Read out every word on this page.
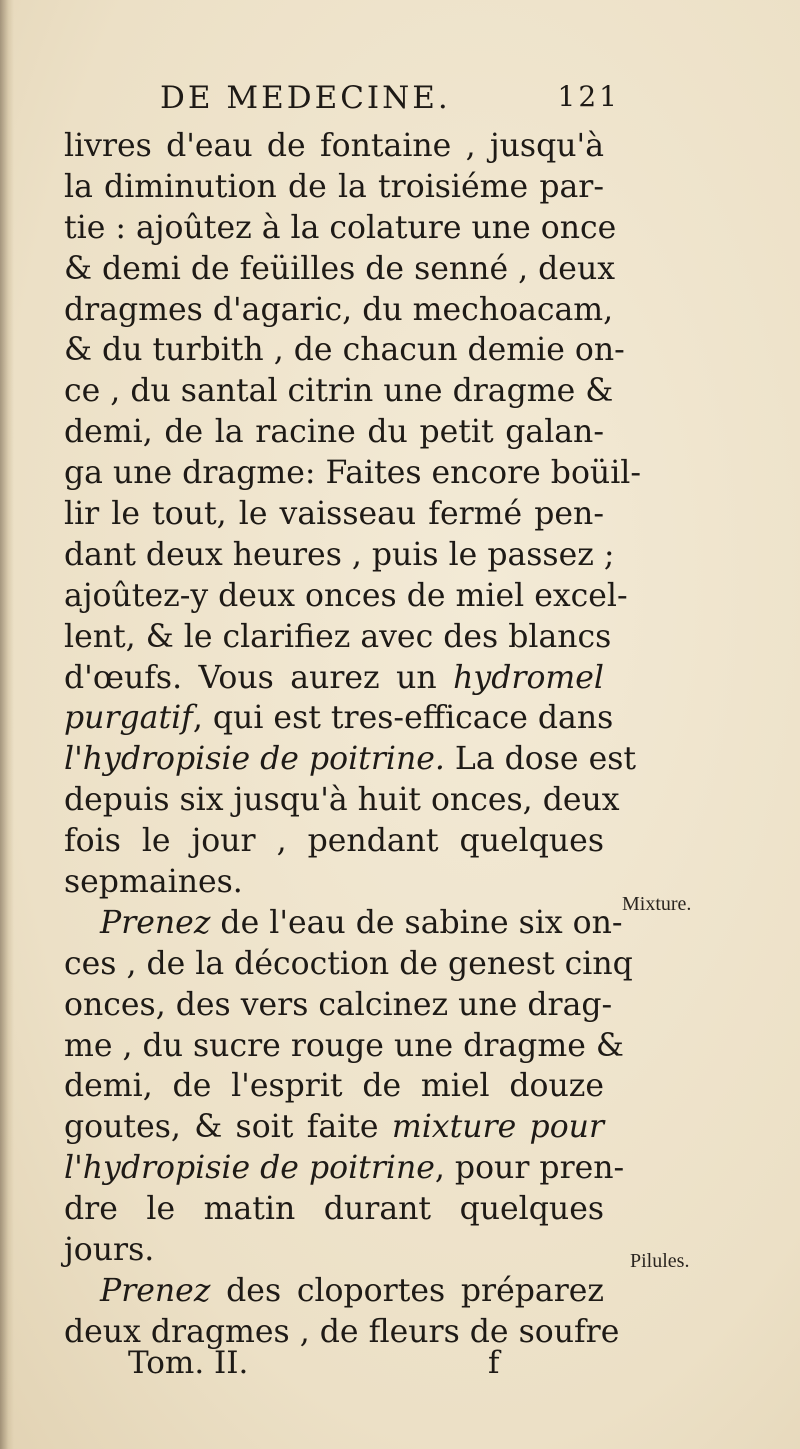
DE MEDECINE.	121
livres d'eau de fontaine , jusqu'à
la diminution de la troisiéme par-
tie : ajoûtez à la colature une once
& demi de feüilles de senné , deux
dragmes d'agaric, du mechoacam,
& du turbith , de chacun demie on-
ce , du santal citrin une dragme &
demi, de la racine du petit galan-
ga une dragme: Faites encore boüil-
lir le tout, le vaisseau fermé pen-
dant deux heures , puis le passez ;
ajoûtez-y deux onces de miel excel-
lent, & le clarifiez avec des blancs
d'œufs. Vous aurez un hydromel
purgatif, qui est tres-efficace dans
l'hydropisie de poitrine. La dose est
depuis six jusqu'à huit onces, deux
fois le jour , pendant quelques
sepmaines.
Prenez de l'eau de sabine six on-
ces , de la décoction de genest cinq
onces, des vers calcinez une drag-
me , du sucre rouge une dragme &
demi, de l'esprit de miel douze
goutes, & soit faite mixture pour
l'hydropisie de poitrine, pour pren-
dre le matin durant quelques
jours.
Prenez des cloportes préparez
deux dragmes , de fleurs de soufre
Mixture.
Pilules.
Tom. II.	f
